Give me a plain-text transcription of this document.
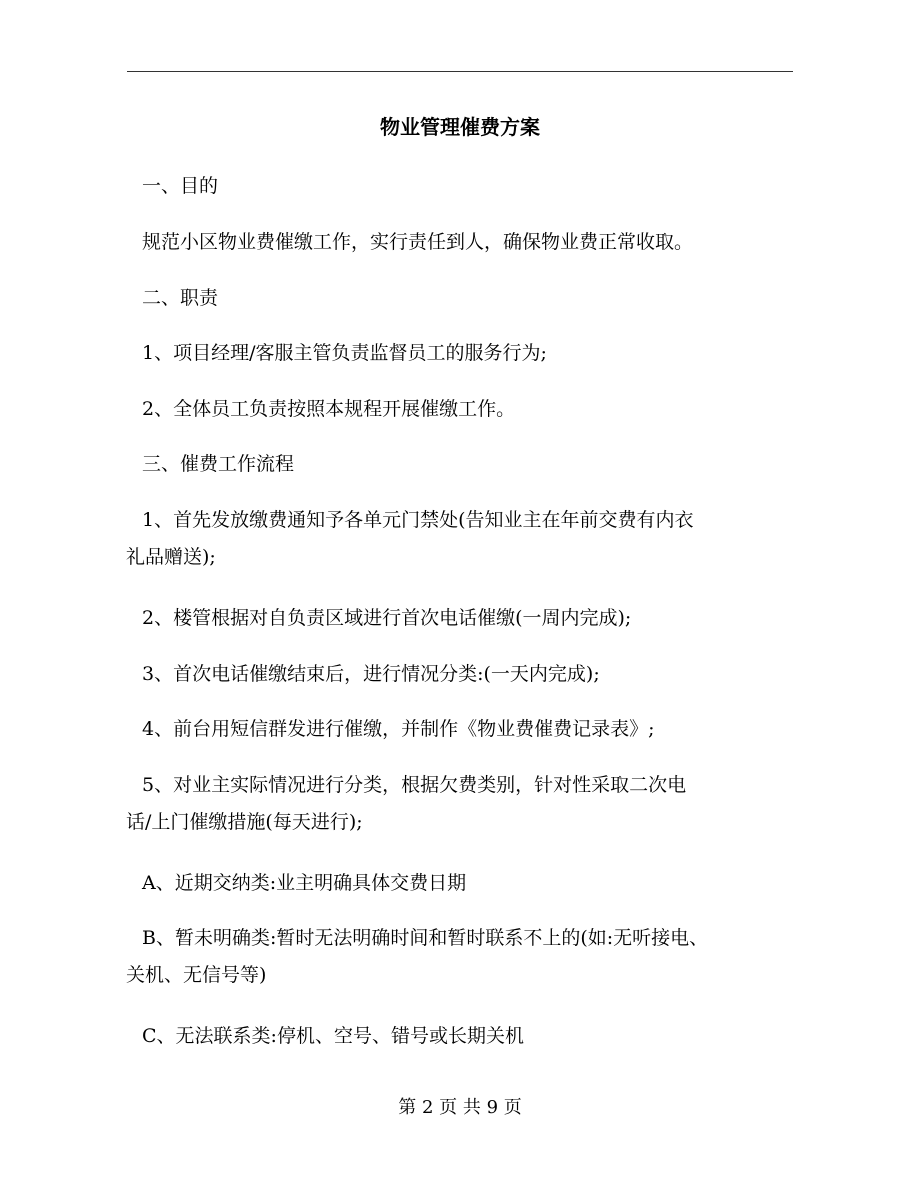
物业管理催费方案
一、目的
规范小区物业费催缴工作，实行责任到人，确保物业费正常收取。
二、职责
1、项目经理/客服主管负责监督员工的服务行为;
2、全体员工负责按照本规程开展催缴工作。
三、催费工作流程
1、首先发放缴费通知予各单元门禁处(告知业主在年前交费有内衣
礼品赠送);
2、楼管根据对自负责区域进行首次电话催缴(一周内完成);
3、首次电话催缴结束后，进行情况分类:(一天内完成);
4、前台用短信群发进行催缴，并制作《物业费催费记录表》;
5、对业主实际情况进行分类，根据欠费类别，针对性采取二次电
话/上门催缴措施(每天进行);
A、近期交纳类:业主明确具体交费日期
B、暂未明确类:暂时无法明确时间和暂时联系不上的(如:无听接电、
关机、无信号等)
C、无法联系类:停机、空号、错号或长期关机
第 2 页 共 9 页
